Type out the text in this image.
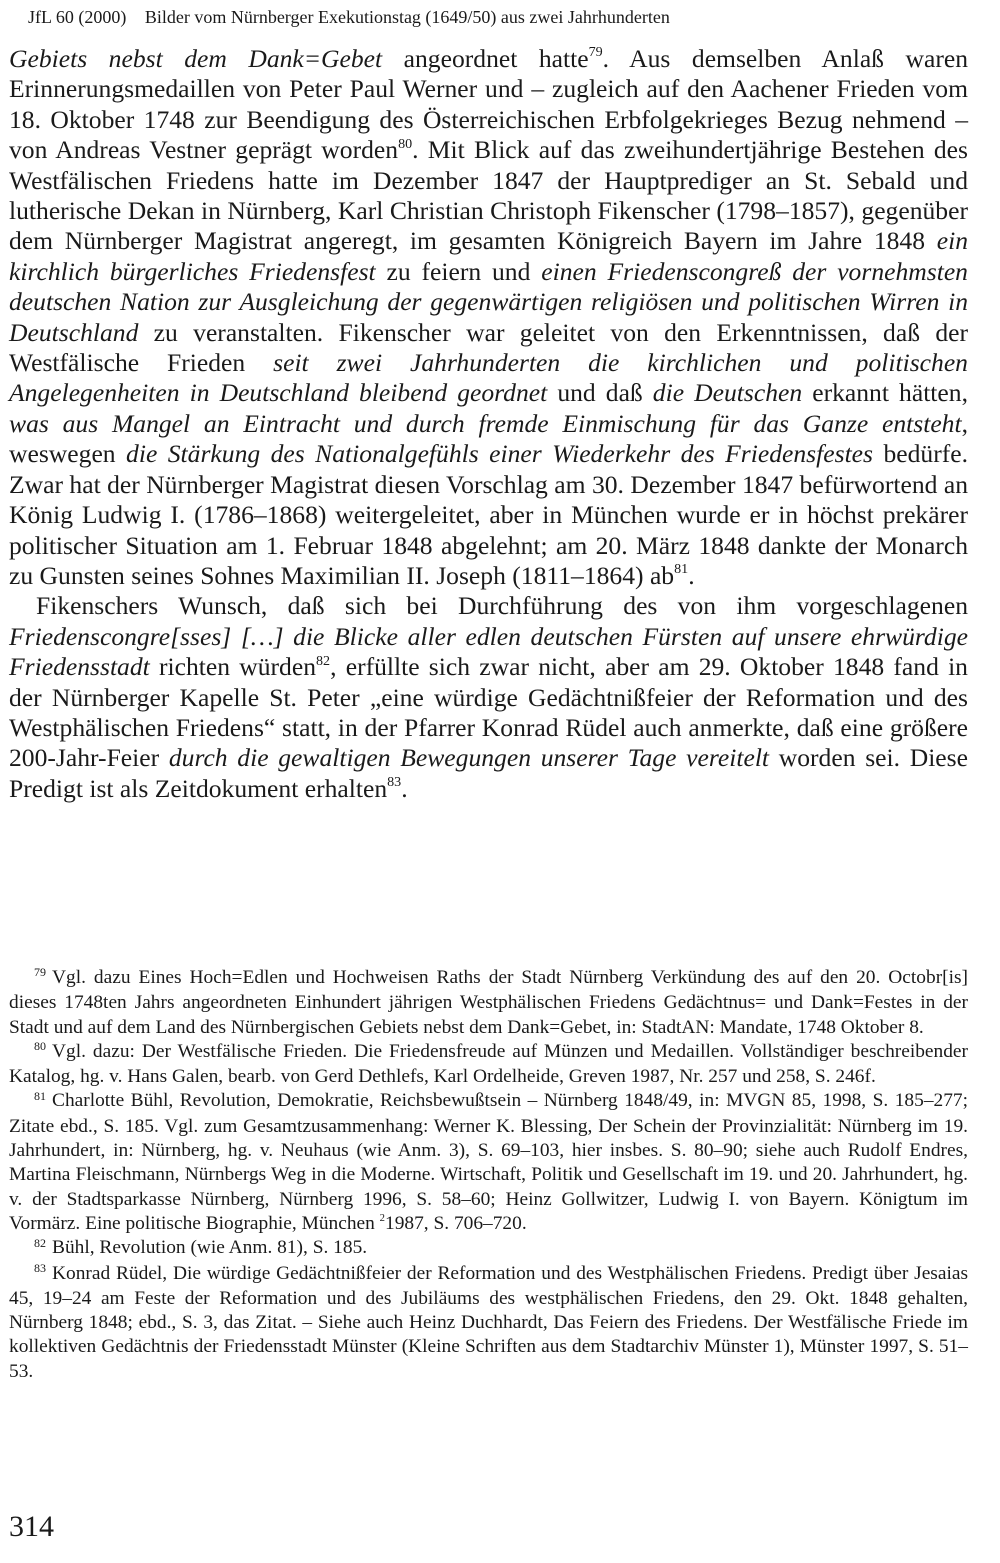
JfL 60 (2000) Bilder vom Nürnberger Exekutionstag (1649/50) aus zwei Jahrhunderten

Gebiets nebst dem Dank=Gebet angeordnet hatte$^{79}$. Aus demselben Anlaß waren Erinnerungsmedaillen von Peter Paul Werner und – zugleich auf den Aachener Frieden vom 18. Oktober 1748 zur Beendigung des Österreichischen Erbfolgekrieges Bezug nehmend – von Andreas Vestner geprägt worden$^{80}$. Mit Blick auf das zweihundertjährige Bestehen des Westfälischen Friedens hatte im Dezember 1847 der Hauptprediger an St. Sebald und lutherische Dekan in Nürnberg, Karl Christian Christoph Fikenscher (1798–1857), gegenüber dem Nürnberger Magistrat angeregt, im gesamten Königreich Bayern im Jahre 1848 ein kirchlich bürgerliches Friedensfest zu feiern und einen Friedenscongreß der vornehmsten deutschen Nation zur Ausgleichung der gegenwärtigen religiösen und politischen Wirren in Deutschland zu veranstalten. Fikenscher war geleitet von den Erkenntnissen, daß der Westfälische Frieden seit zwei Jahrhunderten die kirchlichen und politischen Angelegenheiten in Deutschland bleibend geordnet und daß die Deutschen erkannt hätten, was aus Mangel an Eintracht und durch fremde Einmischung für das Ganze entsteht, weswegen die Stärkung des Nationalgefühls einer Wiederkehr des Friedensfestes bedürfe. Zwar hat der Nürnberger Magistrat diesen Vorschlag am 30. Dezember 1847 befürwortend an König Ludwig I. (1786–1868) weitergeleitet, aber in München wurde er in höchst prekärer politischer Situation am 1. Februar 1848 abgelehnt; am 20. März 1848 dankte der Monarch zu Gunsten seines Sohnes Maximilian II. Joseph (1811–1864) $ab^{81}$.

Fikenschers Wunsch, daß sich bei Durchführung des von ihm vorgeschlagenen Friedenscongre[sses] […] die Blicke aller edlen deutschen Fürsten auf unsere ehrwürdige Friedensstadt richten würden$^{82}$, erfüllte sich zwar nicht, aber am 29. Oktober 1848 fand in der Nürnberger Kapelle St. Peter „eine würdige Gedächtnißfeier der Reformation und des Westphälischen Friedens“ statt, in der Pfarrer Konrad Rüdel auch anmerkte, daß eine größere 200-Jahr-Feier durch die gewaltigen Bewegungen unserer Tage vereitelt worden sei. Diese Predigt ist als Zeitdokument erhalten$^{83}$.

$^{79}$ Vgl. dazu Eines Hoch=Edlen und Hochweisen Raths der Stadt Nürnberg Verkündung des auf den 20. Octobr[is] dieses 1748ten Jahrs angeordneten Einhundert jährigen Westphälischen Friedens Gedächtnus= und Dank=Festes in der Stadt und auf dem Land des Nürnbergischen Gebiets nebst dem Dank=Gebet, in: StadtAN: Mandate, 1748 Oktober 8.

$^{80}$ Vgl. dazu: Der Westfälische Frieden. Die Friedensfreude auf Münzen und Medaillen. Vollständiger beschreibender Katalog, hg. v. Hans Galen, bearb. von Gerd Dethlefs, Karl Ordelheide, Greven 1987, Nr. 257 und 258, S. 246f.

$^{81}$ Charlotte Bühl, Revolution, Demokratie, Reichsbewußtsein – Nürnberg 1848/49, in: MVGN 85, 1998, S. 185–277; Zitate ebd., S. 185. Vgl. zum Gesamtzusammenhang: Werner K. Blessing, Der Schein der Provinzialität: Nürnberg im 19. Jahrhundert, in: Nürnberg, hg. v. Neuhaus (wie Anm. 3), S. 69–103, hier insbes. S. 80–90; siehe auch Rudolf Endres, Martina Fleischmann, Nürnbergs Weg in die Moderne. Wirtschaft, Politik und Gesellschaft im 19. und 20. Jahrhundert, hg. v. der Stadtsparkasse Nürnberg, Nürnberg 1996, S. 58–60; Heinz Gollwitzer, Ludwig I. von Bayern. Königtum im Vormärz. Eine politische Biographie, München $^2$1987, S. 706–720.

$^{82}$ Bühl, Revolution (wie Anm. 81), S. 185.

$^{83}$ Konrad Rüdel, Die würdige Gedächtnißfeier der Reformation und des Westphälischen Friedens. Predigt über Jesaias 45, 19–24 am Feste der Reformation und des Jubiläums des westphälischen Friedens, den 29. Okt. 1848 gehalten, Nürnberg 1848; ebd., S. 3, das Zitat. – Siehe auch Heinz Duchhardt, Das Feiern des Friedens. Der Westfälische Friede im kollektiven Gedächtnis der Friedensstadt Münster (Kleine Schriften aus dem Stadtarchiv Münster 1), Münster 1997, S. 51–53.

314
